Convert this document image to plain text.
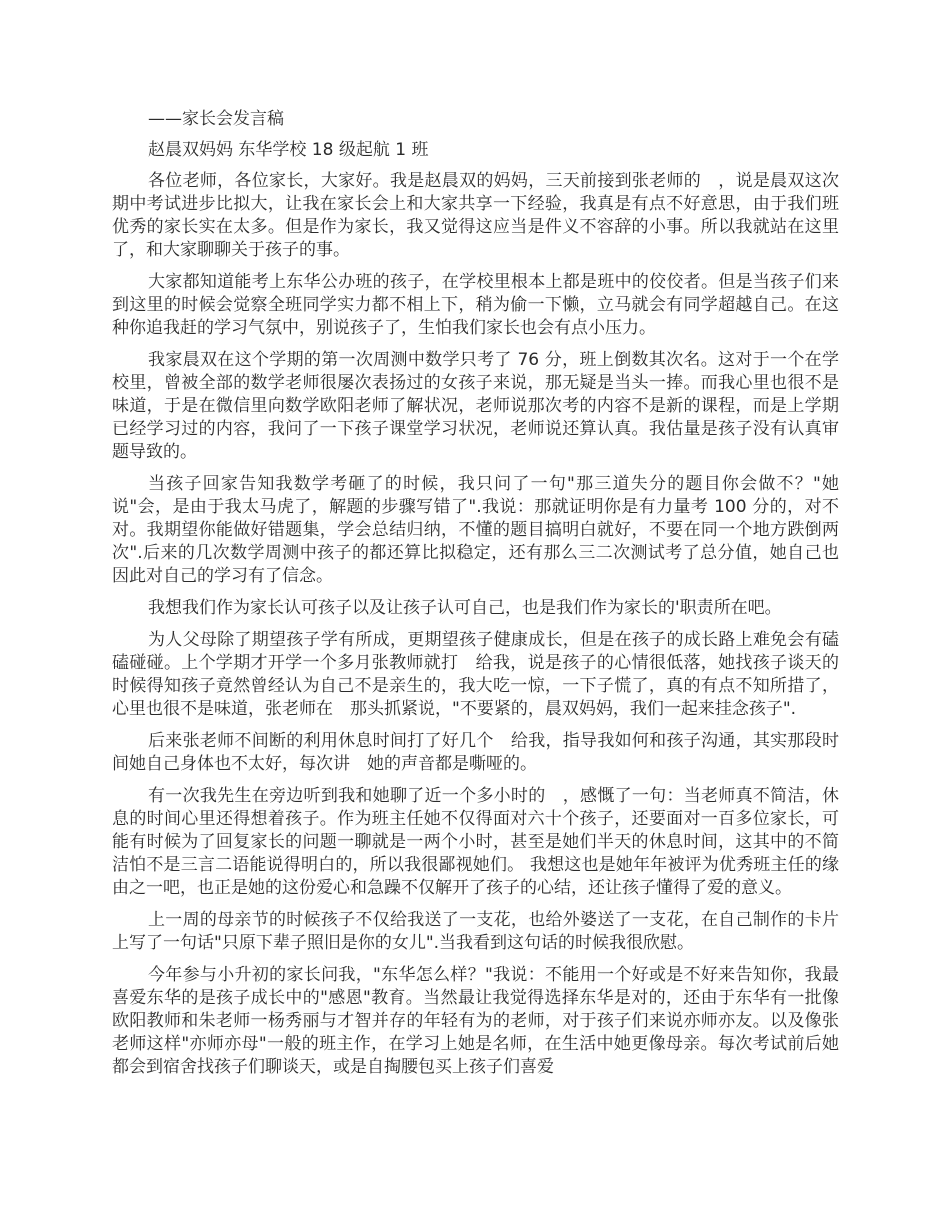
——家长会发言稿

赵晨双妈妈 东华学校 18 级起航 1 班

各位老师，各位家长，大家好。我是赵晨双的妈妈，三天前接到张老师的　，说是晨双这次期中考试进步比拟大，让我在家长会上和大家共享一下经验，我真是有点不好意思，由于我们班优秀的家长实在太多。但是作为家长，我又觉得这应当是件义不容辞的小事。所以我就站在这里了，和大家聊聊关于孩子的事。

大家都知道能考上东华公办班的孩子，在学校里根本上都是班中的佼佼者。但是当孩子们来到这里的时候会觉察全班同学实力都不相上下，稍为偷一下懒，立马就会有同学超越自己。在这种你追我赶的学习气氛中，别说孩子了，生怕我们家长也会有点小压力。

我家晨双在这个学期的第一次周测中数学只考了 76 分，班上倒数其次名。这对于一个在学校里，曾被全部的数学老师很屡次表扬过的女孩子来说，那无疑是当头一捧。而我心里也很不是味道，于是在微信里向数学欧阳老师了解状况，老师说那次考的内容不是新的课程，而是上学期已经学习过的内容，我问了一下孩子课堂学习状况，老师说还算认真。我估量是孩子没有认真审题导致的。

当孩子回家告知我数学考砸了的时候，我只问了一句"那三道失分的题目你会做不？"她说"会，是由于我太马虎了，解题的步骤写错了".我说：那就证明你是有力量考 100 分的，对不对。我期望你能做好错题集，学会总结归纳，不懂的题目搞明白就好，不要在同一个地方跌倒两次".后来的几次数学周测中孩子的都还算比拟稳定，还有那么三二次测试考了总分值，她自己也因此对自己的学习有了信念。

我想我们作为家长认可孩子以及让孩子认可自己，也是我们作为家长的'职责所在吧。

为人父母除了期望孩子学有所成，更期望孩子健康成长，但是在孩子的成长路上难免会有磕磕碰碰。上个学期才开学一个多月张教师就打　给我，说是孩子的心情很低落，她找孩子谈天的时候得知孩子竟然曾经认为自己不是亲生的，我大吃一惊，一下子慌了，真的有点不知所措了，心里也很不是味道，张老师在　那头抓紧说，"不要紧的，晨双妈妈，我们一起来挂念孩子".

后来张老师不间断的利用休息时间打了好几个　给我，指导我如何和孩子沟通，其实那段时间她自己身体也不太好，每次讲　她的声音都是嘶哑的。

有一次我先生在旁边听到我和她聊了近一个多小时的　，感慨了一句：当老师真不简洁，休息的时间心里还得想着孩子。作为班主任她不仅得面对六十个孩子，还要面对一百多位家长，可能有时候为了回复家长的问题一聊就是一两个小时，甚至是她们半天的休息时间，这其中的不简洁怕不是三言二语能说得明白的，所以我很鄙视她们。 我想这也是她年年被评为优秀班主任的缘由之一吧，也正是她的这份爱心和急躁不仅解开了孩子的心结，还让孩子懂得了爱的意义。

上一周的母亲节的时候孩子不仅给我送了一支花，也给外婆送了一支花，在自己制作的卡片上写了一句话"只原下辈子照旧是你的女儿".当我看到这句话的时候我很欣慰。

今年参与小升初的家长问我，"东华怎么样？"我说：不能用一个好或是不好来告知你，我最喜爱东华的是孩子成长中的"感恩"教育。当然最让我觉得选择东华是对的，还由于东华有一批像欧阳教师和朱老师一杨秀丽与才智并存的年轻有为的老师，对于孩子们来说亦师亦友。以及像张老师这样"亦师亦母"一般的班主作，在学习上她是名师，在生活中她更像母亲。每次考试前后她都会到宿舍找孩子们聊谈天，或是自掏腰包买上孩子们喜爱
